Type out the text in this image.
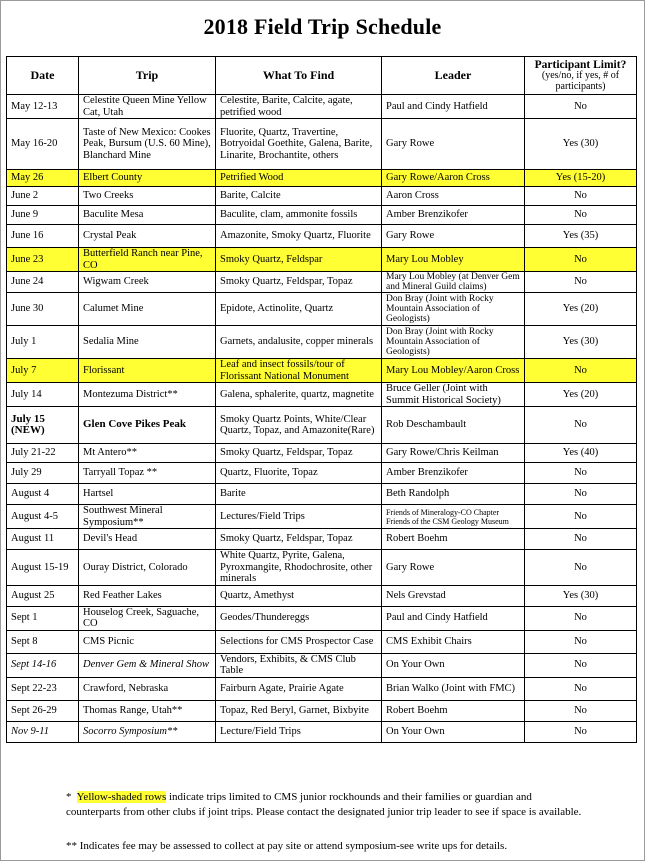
2018 Field Trip Schedule
Date	Trip	What To Find	Leader	Participant Limit?
(yes/no, if yes, # of participants)

May 12-13	Celestite Queen Mine Yellow Cat, Utah	Celestite, Barite, Calcite, agate, petrified wood	Paul and Cindy Hatfield	No
May 16-20	Taste of New Mexico: Cookes Peak, Bursum (U.S. 60 Mine), Blanchard Mine	Fluorite, Quartz, Travertine, Botryoidal Goethite, Galena, Barite, Linarite, Brochantite, others	Gary Rowe	Yes (30)
May 26	Elbert County	Petrified Wood	Gary Rowe/Aaron Cross	Yes (15-20)
June 2	Two Creeks	Barite, Calcite	Aaron Cross	No
June 9	Baculite Mesa	Baculite, clam, ammonite fossils	Amber Brenzikofer	No
June 16	Crystal Peak	Amazonite, Smoky Quartz, Fluorite	Gary Rowe	Yes (35)
June 23	Butterfield Ranch near Pine, CO	Smoky Quartz, Feldspar	Mary Lou Mobley	No
June 24	Wigwam Creek	Smoky Quartz, Feldspar, Topaz	Mary Lou Mobley (at Denver Gem and Mineral Guild claims)	No
June 30	Calumet Mine	Epidote, Actinolite, Quartz	Don Bray (Joint with Rocky Mountain Association of Geologists)	Yes (20)
July 1	Sedalia Mine	Garnets, andalusite, copper minerals	Don Bray (Joint with Rocky Mountain Association of Geologists)	Yes (30)
July 7	Florissant	Leaf and insect fossils/tour of Florissant National Monument	Mary Lou Mobley/Aaron Cross	No
July 14	Montezuma District**	Galena, sphalerite, quartz, magnetite	Bruce Geller (Joint with Summit Historical Society)	Yes (20)
July 15 (NEW)	Glen Cove Pikes Peak	Smoky Quartz Points, White/Clear Quartz, Topaz, and Amazonite(Rare)	Rob Deschambault	No
July 21-22	Mt Antero**	Smoky Quartz, Feldspar, Topaz	Gary Rowe/Chris Keilman	Yes (40)
July 29	Tarryall Topaz **	Quartz, Fluorite, Topaz	Amber Brenzikofer	No
August 4	Hartsel	Barite	Beth Randolph	No
August 4-5	Southwest Mineral Symposium**	Lectures/Field Trips	Friends of Mineralogy-CO Chapter Friends of the CSM Geology Museum	No
August 11	Devil's Head	Smoky Quartz, Feldspar, Topaz	Robert Boehm	No
August 15-19	Ouray District, Colorado	White Quartz, Pyrite, Galena, Pyroxmangite, Rhodochrosite, other minerals	Gary Rowe	No
August 25	Red Feather Lakes	Quartz, Amethyst	Nels Grevstad	Yes (30)
Sept 1	Houselog Creek, Saguache, CO	Geodes/Thundereggs	Paul and Cindy Hatfield	No
Sept 8	CMS Picnic	Selections for CMS Prospector Case	CMS Exhibit Chairs	No
Sept 14-16	Denver Gem & Mineral Show	Vendors, Exhibits, & CMS Club Table	On Your Own	No
Sept 22-23	Crawford, Nebraska	Fairburn Agate, Prairie Agate	Brian Walko (Joint with FMC)	No
Sept 26-29	Thomas Range, Utah**	Topaz, Red Beryl, Garnet, Bixbyite	Robert Boehm	No
Nov 9-11	Socorro Symposium**	Lecture/Field Trips	On Your Own	No
* Yellow-shaded rows indicate trips limited to CMS junior rockhounds and their families or guardian and counterparts from other clubs if joint trips. Please contact the designated junior trip leader to see if space is available.
** Indicates fee may be assessed to collect at pay site or attend symposium-see write ups for details.
